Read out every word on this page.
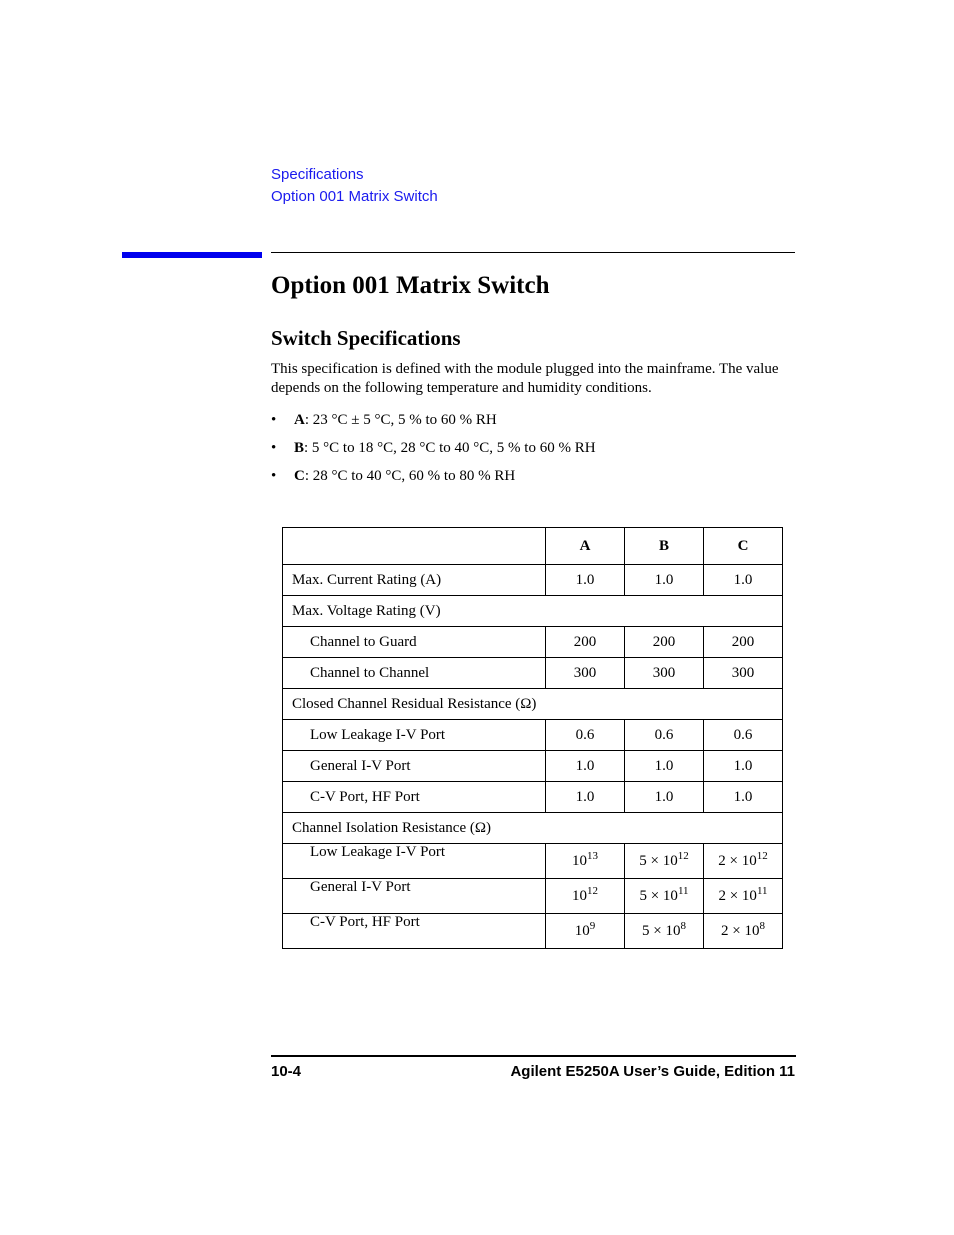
Specifications
Option 001 Matrix Switch
Option 001 Matrix Switch
Switch Specifications

This specification is defined with the module plugged into the mainframe. The value depends on the following temperature and humidity conditions.

• A: 23 °C ± 5 °C, 5 % to 60 % RH
• B: 5 °C to 18 °C, 28 °C to 40 °C, 5 % to 60 % RH
• C: 28 °C to 40 °C, 60 % to 80 % RH
	A	B	C
Max. Current Rating (A)	1.0	1.0	1.0
Max. Voltage Rating (V)			
Channel to Guard	200	200	200
Channel to Channel	300	300	300
Closed Channel Residual Resistance (Ω)			
Low Leakage I-V Port	0.6	0.6	0.6
General I-V Port	1.0	1.0	1.0
C-V Port, HF Port	1.0	1.0	1.0
Channel Isolation Resistance (Ω)			
Low Leakage I-V Port	$10^{13}$	$5 \times 10^{12}$	$2 \times 10^{12}$
General I-V Port	$10^{12}$	$5 \times 10^{11}$	$2 \times 10^{11}$
C-V Port, HF Port	$10^9$	$5 \times 10^8$	$2 \times 10^8$
10-4	Agilent E5250A User’s Guide, Edition 11
